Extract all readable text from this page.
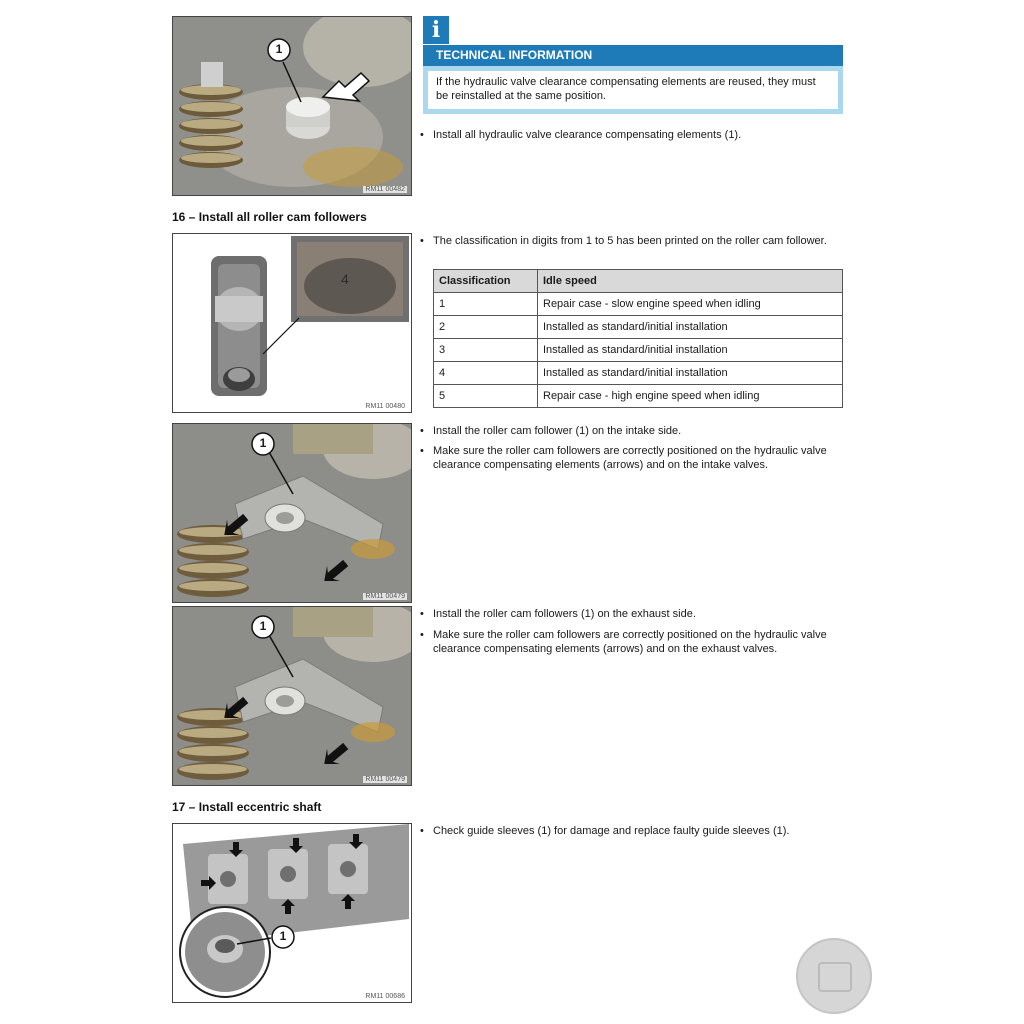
i
TECHNICAL INFORMATION
If the hydraulic valve clearance compensating elements are reused, they must be reinstalled at the same position.
1
RM11 00482
• Install all hydraulic valve clearance compensating elements (1).
16 – Install all roller cam followers
4
RM11 00480
• The classification in digits from 1 to 5 has been printed on the roller cam follower.
Classification	Idle speed
1	Repair case - slow engine speed when idling
2	Installed as standard/initial installation
3	Installed as standard/initial installation
4	Installed as standard/initial installation
5	Repair case - high engine speed when idling
1
RM11 00479
• Install the roller cam follower (1) on the intake side.
• Make sure the roller cam followers are correctly positioned on the hydraulic valve clearance compensating elements (arrows) and on the intake valves.
1
RM11 00479
• Install the roller cam followers (1) on the exhaust side.
• Make sure the roller cam followers are correctly positioned on the hydraulic valve clearance compensating elements (arrows) and on the exhaust valves.
17 – Install eccentric shaft
1
RM11 00686
• Check guide sleeves (1) for damage and replace faulty guide sleeves (1).
